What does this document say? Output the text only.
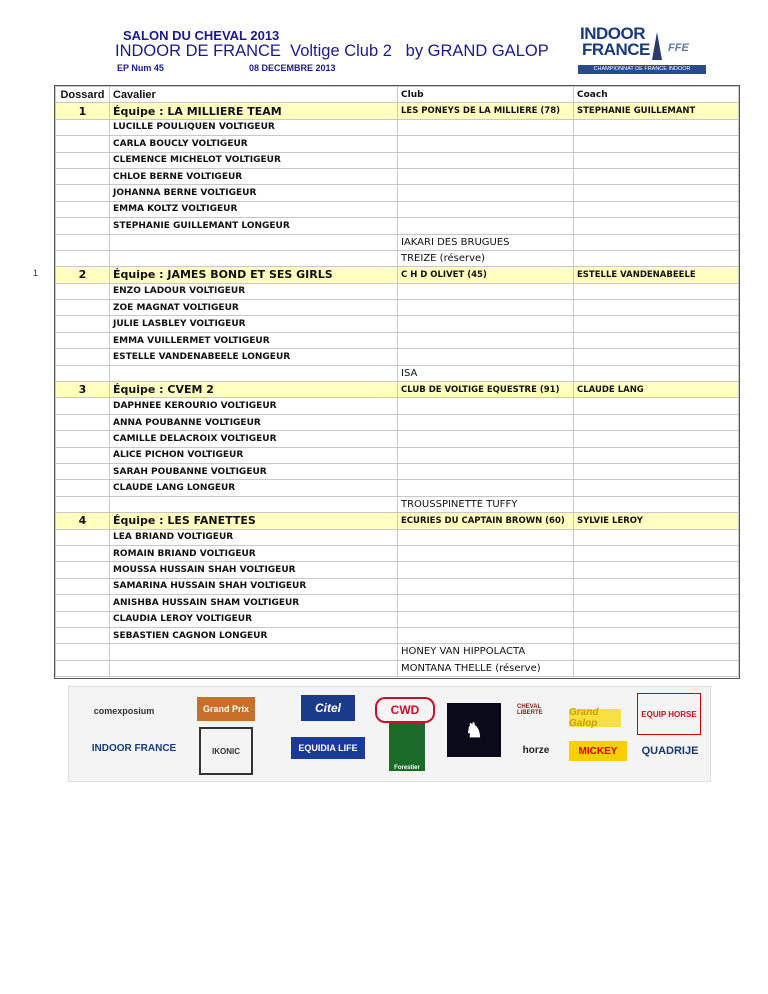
SALON DU CHEVAL 2013
INDOOR DE FRANCE  Voltige Club 2   by GRAND GALOP
EP Num 45	08 DECEMBRE 2013
INDOOR
FRANCE FFE
CHAMPIONNAT DE FRANCE INDOOR
1
Dossard	Cavalier	Club	Coach
1	Équipe : LA MILLIERE TEAM	LES PONEYS DE LA MILLIERE (78)	STEPHANIE GUILLEMANT
	LUCILLE POULIQUEN VOLTIGEUR		
	CARLA BOUCLY VOLTIGEUR		
	CLEMENCE MICHELOT VOLTIGEUR		
	CHLOE BERNE VOLTIGEUR		
	JOHANNA BERNE VOLTIGEUR		
	EMMA KOLTZ VOLTIGEUR		
	STEPHANIE GUILLEMANT LONGEUR		
		IAKARI DES BRUGUES	
		TREIZE (réserve)	
2	Équipe : JAMES BOND ET SES GIRLS	C H D OLIVET (45)	ESTELLE VANDENABEELE
	ENZO LADOUR VOLTIGEUR		
	ZOE MAGNAT VOLTIGEUR		
	JULIE LASBLEY VOLTIGEUR		
	EMMA VUILLERMET VOLTIGEUR		
	ESTELLE VANDENABEELE LONGEUR		
		ISA	
3	Équipe : CVEM 2	CLUB DE VOLTIGE EQUESTRE (91)	CLAUDE LANG
	DAPHNEE KEROURIO VOLTIGEUR		
	ANNA POUBANNE VOLTIGEUR		
	CAMILLE DELACROIX VOLTIGEUR		
	ALICE PICHON VOLTIGEUR		
	SARAH POUBANNE VOLTIGEUR		
	CLAUDE LANG LONGEUR		
		TROUSSPINETTE TUFFY	
4	Équipe : LES FANETTES	ECURIES DU CAPTAIN BROWN (60)	SYLVIE LEROY
	LEA BRIAND VOLTIGEUR		
	ROMAIN BRIAND VOLTIGEUR		
	MOUSSA HUSSAIN SHAH VOLTIGEUR		
	SAMARINA HUSSAIN SHAH VOLTIGEUR		
	ANISHBA HUSSAIN SHAM VOLTIGEUR		
	CLAUDIA LEROY VOLTIGEUR		
	SEBASTIEN CAGNON LONGEUR		
		HONEY VAN HIPPOLACTA	
		MONTANA THELLE (réserve)	
comexposium	Grand Prix	Citel	CWD
♞
CHEVAL LIBERTE	Grand Galop
EQUIP HORSE
INDOOR FRANCE	IKONIC	EQUIDIA LIFE
Forestier
horze	MICKEY	QUADRIJE
